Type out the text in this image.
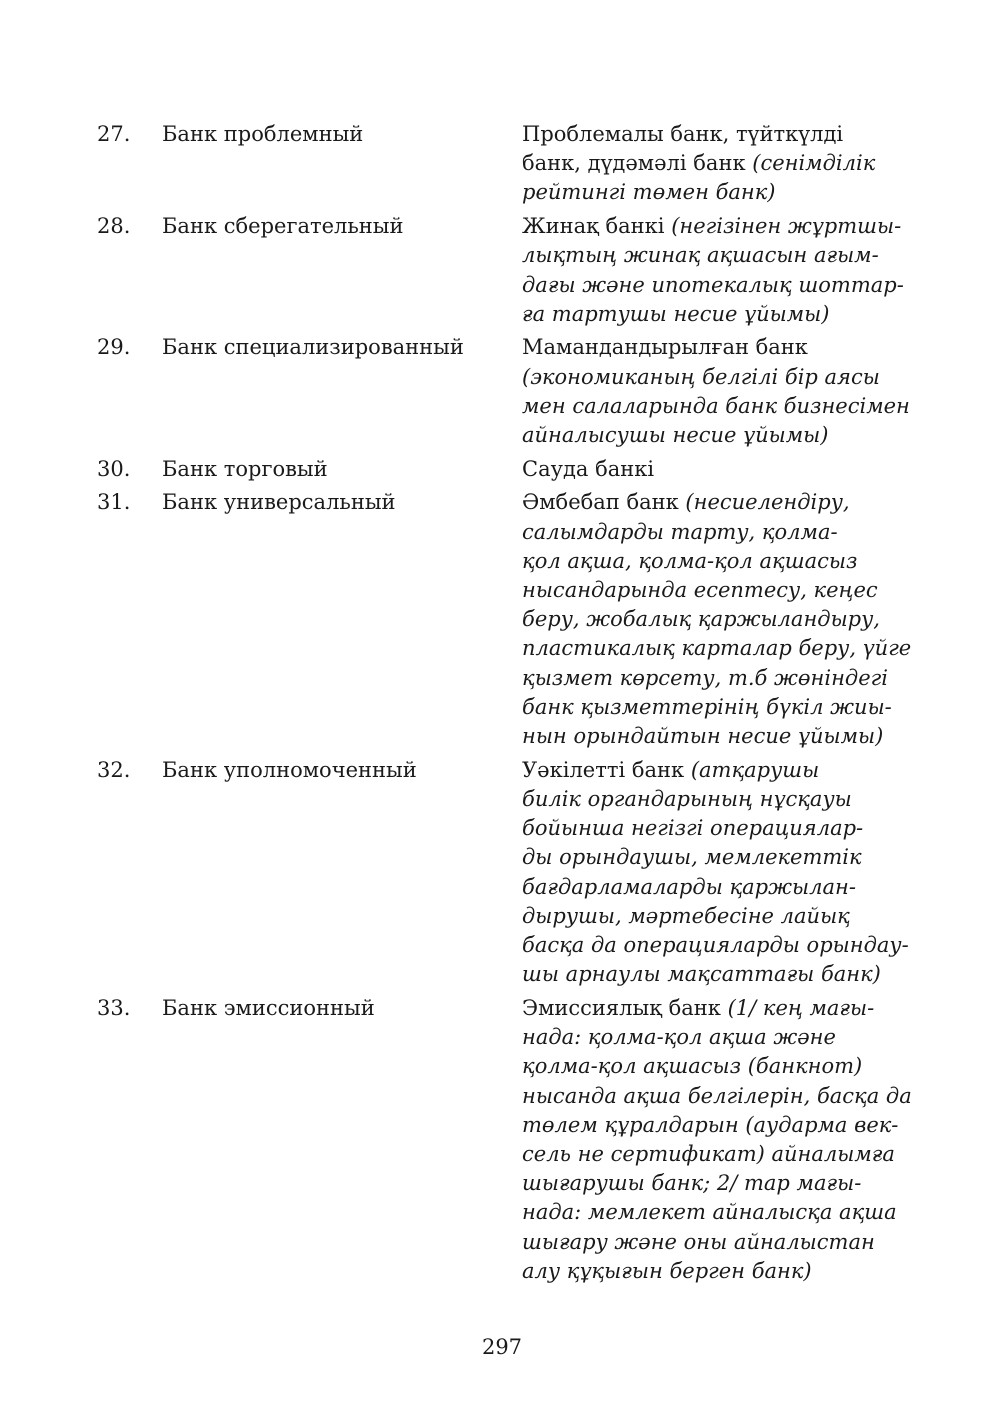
27.	Банк проблемный	Проблемалы банк, түйткүлді
банк, дүдәмәлі банк (сенімділік
рейтингі төмен банк)
28.	Банк сберегательный	Жинақ банкі (негізінен жұртшы-
лықтың жинақ ақшасын ағым-
дағы және ипотекалық шоттар-
ға тартушы несие ұйымы)
29.	Банк специализированный	Мамандандырылған банк
(экономиканың белгілі бір аясы
мен салаларында банк бизнесімен
айналысушы несие ұйымы)
30.	Банк торговый	Сауда банкі
31.	Банк универсальный	Әмбебап банк (несиелендіру,
салымдарды тарту, қолма-
қол ақша, қолма-қол ақшасыз
нысандарында есептесу, кеңес
беру, жобалық қаржыландыру,
пластикалық карталар беру, үйге
қызмет көрсету, т.б жөніндегі
банк қызметтерінің бүкіл жиы-
нын орындайтын несие ұйымы)
32.	Банк уполномоченный	Уәкілетті банк (атқарушы
билік органдарының нұсқауы
бойынша негізгі операциялар-
ды орындаушы, мемлекеттік
бағдарламаларды қаржылан-
дырушы, мәртебесіне лайық
басқа да операцияларды орындау-
шы арнаулы мақсаттағы банк)
33.	Банк эмиссионный	Эмиссиялық банк (1/ кең мағы-
нада: қолма-қол ақша және
қолма-қол ақшасыз (банкнот)
нысанда ақша белгілерін, басқа да
төлем құралдарын (аударма век-
сель не сертификат) айналымға
шығарушы банк; 2/ тар мағы-
нада: мемлекет айналысқа ақша
шығару және оны айналыстан
алу құқығын берген банк)
297
